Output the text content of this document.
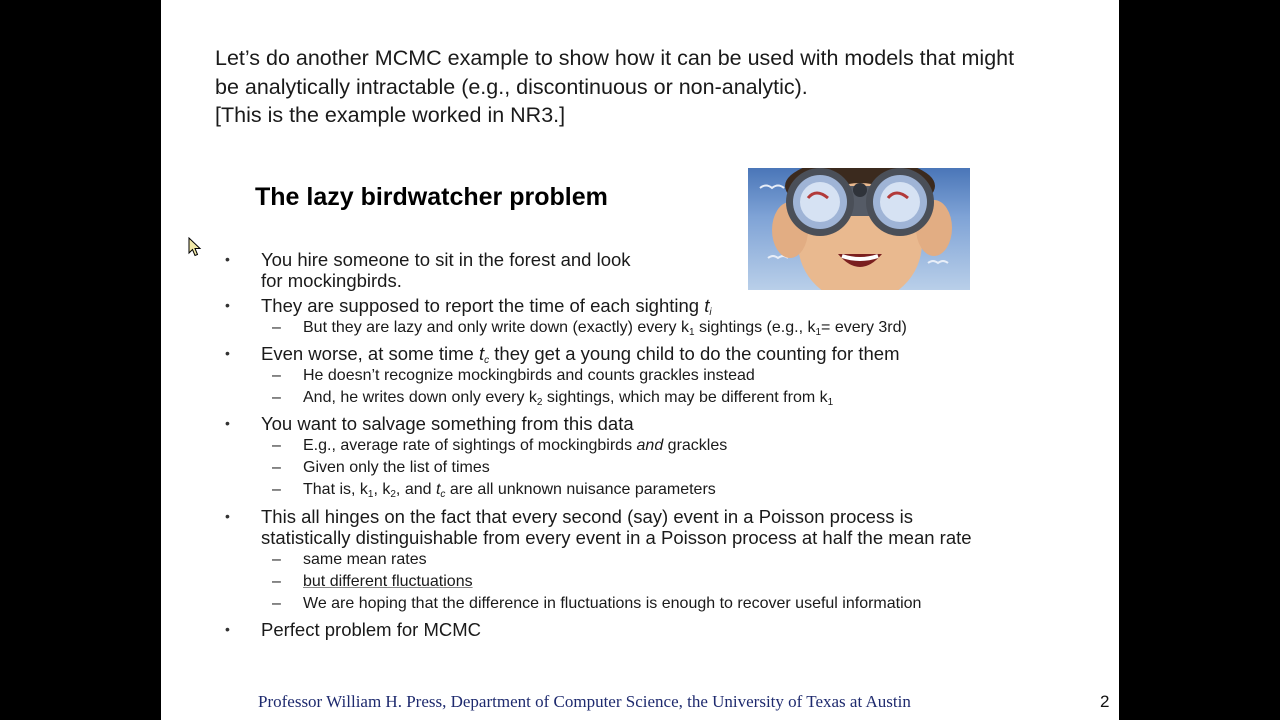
Let’s do another MCMC example to show how it can be used with models that might
be analytically intractable (e.g., discontinuous or non-analytic).
[This is the example worked in NR3.]
The lazy birdwatcher problem
• You hire someone to sit in the forest and look
for mockingbirds.
• They are supposed to report the time of each sighting $t_i$
– But they are lazy and only write down (exactly) every $k_1$ sightings (e.g., $k_1=$ every 3rd)
• Even worse, at some time $t_c$ they get a young child to do the counting for them
– He doesn’t recognize mockingbirds and counts grackles instead
– And, he writes down only every $k_2$ sightings, which may be different from $k_1$
• You want to salvage something from this data
– E.g., average rate of sightings of mockingbirds and grackles
– Given only the list of times
– That is, $k_1$, $k_2$, and $t_c$ are all unknown nuisance parameters
• This all hinges on the fact that every second (say) event in a Poisson process is
statistically distinguishable from every event in a Poisson process at half the mean rate
– same mean rates
– but different fluctuations
– We are hoping that the difference in fluctuations is enough to recover useful information
• Perfect problem for MCMC
Professor William H. Press, Department of Computer Science, the University of Texas at Austin	2
